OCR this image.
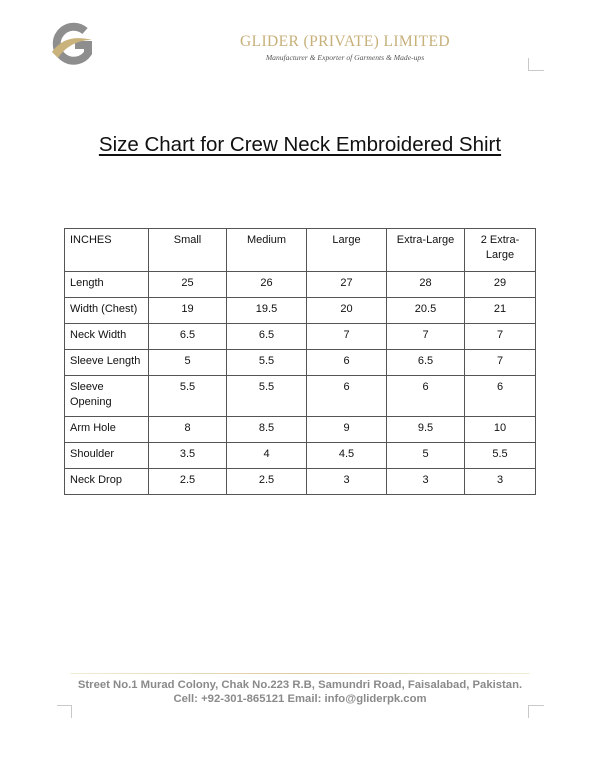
GLIDER (PRIVATE) LIMITED
Manufacturer & Exporter of Garments & Made-ups
Size Chart for Crew Neck Embroidered Shirt
INCHES	Small	Medium	Large	Extra-Large	2 Extra-Large
Length	25	26	27	28	29
Width (Chest)	19	19.5	20	20.5	21
Neck Width	6.5	6.5	7	7	7
Sleeve Length	5	5.5	6	6.5	7
Sleeve Opening	5.5	5.5	6	6	6
Arm Hole	8	8.5	9	9.5	10
Shoulder	3.5	4	4.5	5	5.5
Neck Drop	2.5	2.5	3	3	3
Street No.1 Murad Colony, Chak No.223 R.B, Samundri Road, Faisalabad, Pakistan.
Cell: +92-301-865121 Email: info@gliderpk.com
